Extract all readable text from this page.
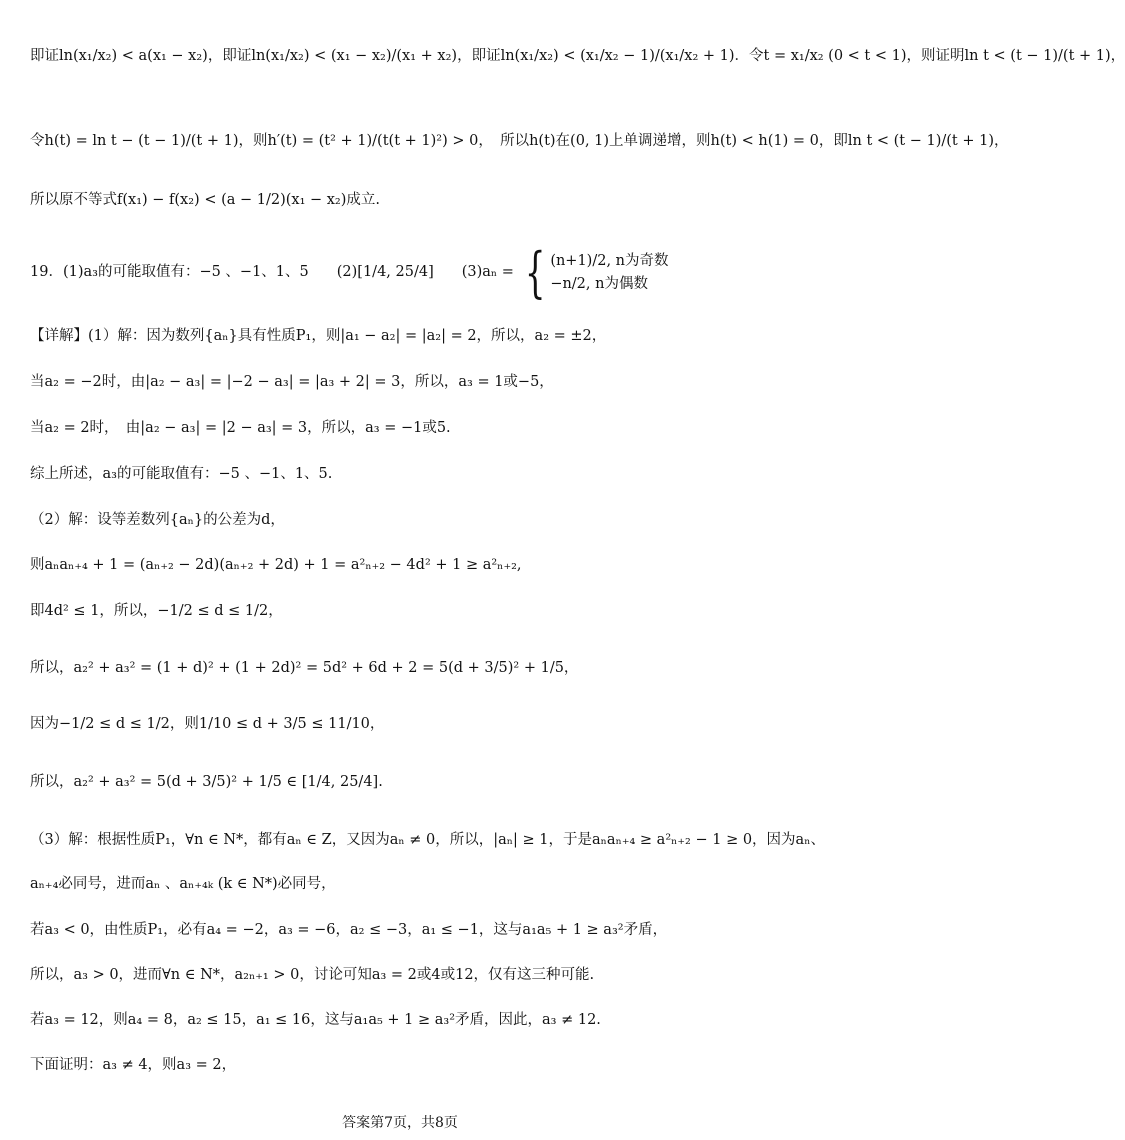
即证ln(x₁/x₂) < a(x₁ − x₂)，即证ln(x₁/x₂) < (x₁ − x₂)/(x₁ + x₂)，即证ln(x₁/x₂) < (x₁/x₂ − 1)/(x₁/x₂ + 1)．令t = x₁/x₂ (0 < t < 1)，则证明ln t < (t − 1)/(t + 1)，
令h(t) = ln t − (t − 1)/(t + 1)，则h′(t) = (t² + 1)/(t(t + 1)²) > 0，　所以h(t)在(0, 1)上单调递增，则h(t) < h(1) = 0，即ln t < (t − 1)/(t + 1)，
所以原不等式f(x₁) − f(x₂) < (a − 1/2)(x₁ − x₂)成立.
19．(1)a₃的可能取值有：−5 、−1、1、5 (2)[1/4, 25/4] (3)aₙ = { (n+1)/2, n为奇数
−n/2, n为偶数
【详解】(1）解：因为数列{aₙ}具有性质P₁，则|a₁ − a₂| = |a₂| = 2，所以，a₂ = ±2，
当a₂ = −2时，由|a₂ − a₃| = |−2 − a₃| = |a₃ + 2| = 3，所以，a₃ = 1或−5，
当a₂ = 2时，　由|a₂ − a₃| = |2 − a₃| = 3，所以，a₃ = −1或5.
综上所述，a₃的可能取值有：−5 、−1、1、5.
（2）解：设等差数列{aₙ}的公差为d，
则aₙaₙ₊₄ + 1 = (aₙ₊₂ − 2d)(aₙ₊₂ + 2d) + 1 = a²ₙ₊₂ − 4d² + 1 ≥ a²ₙ₊₂,
即4d² ≤ 1，所以，−1/2 ≤ d ≤ 1/2，
所以，a₂² + a₃² = (1 + d)² + (1 + 2d)² = 5d² + 6d + 2 = 5(d + 3/5)² + 1/5，
因为−1/2 ≤ d ≤ 1/2，则1/10 ≤ d + 3/5 ≤ 11/10，
所以，a₂² + a₃² = 5(d + 3/5)² + 1/5 ∈ [1/4, 25/4].
（3）解：根据性质P₁，∀n ∈ N*，都有aₙ ∈ Z，又因为aₙ ≠ 0，所以，|aₙ| ≥ 1，于是aₙaₙ₊₄ ≥ a²ₙ₊₂ − 1 ≥ 0，因为aₙ、
aₙ₊₄必同号，进而aₙ 、aₙ₊₄ₖ (k ∈ N*)必同号，
若a₃ < 0，由性质P₁，必有a₄ = −2，a₃ = −6，a₂ ≤ −3，a₁ ≤ −1，这与a₁a₅ + 1 ≥ a₃²矛盾，
所以，a₃ > 0，进而∀n ∈ N*，a₂ₙ₊₁ > 0，讨论可知a₃ = 2或4或12，仅有这三种可能.
若a₃ = 12，则a₄ = 8，a₂ ≤ 15，a₁ ≤ 16，这与a₁a₅ + 1 ≥ a₃²矛盾，因此，a₃ ≠ 12.
下面证明：a₃ ≠ 4，则a₃ = 2，
答案第7页，共8页
